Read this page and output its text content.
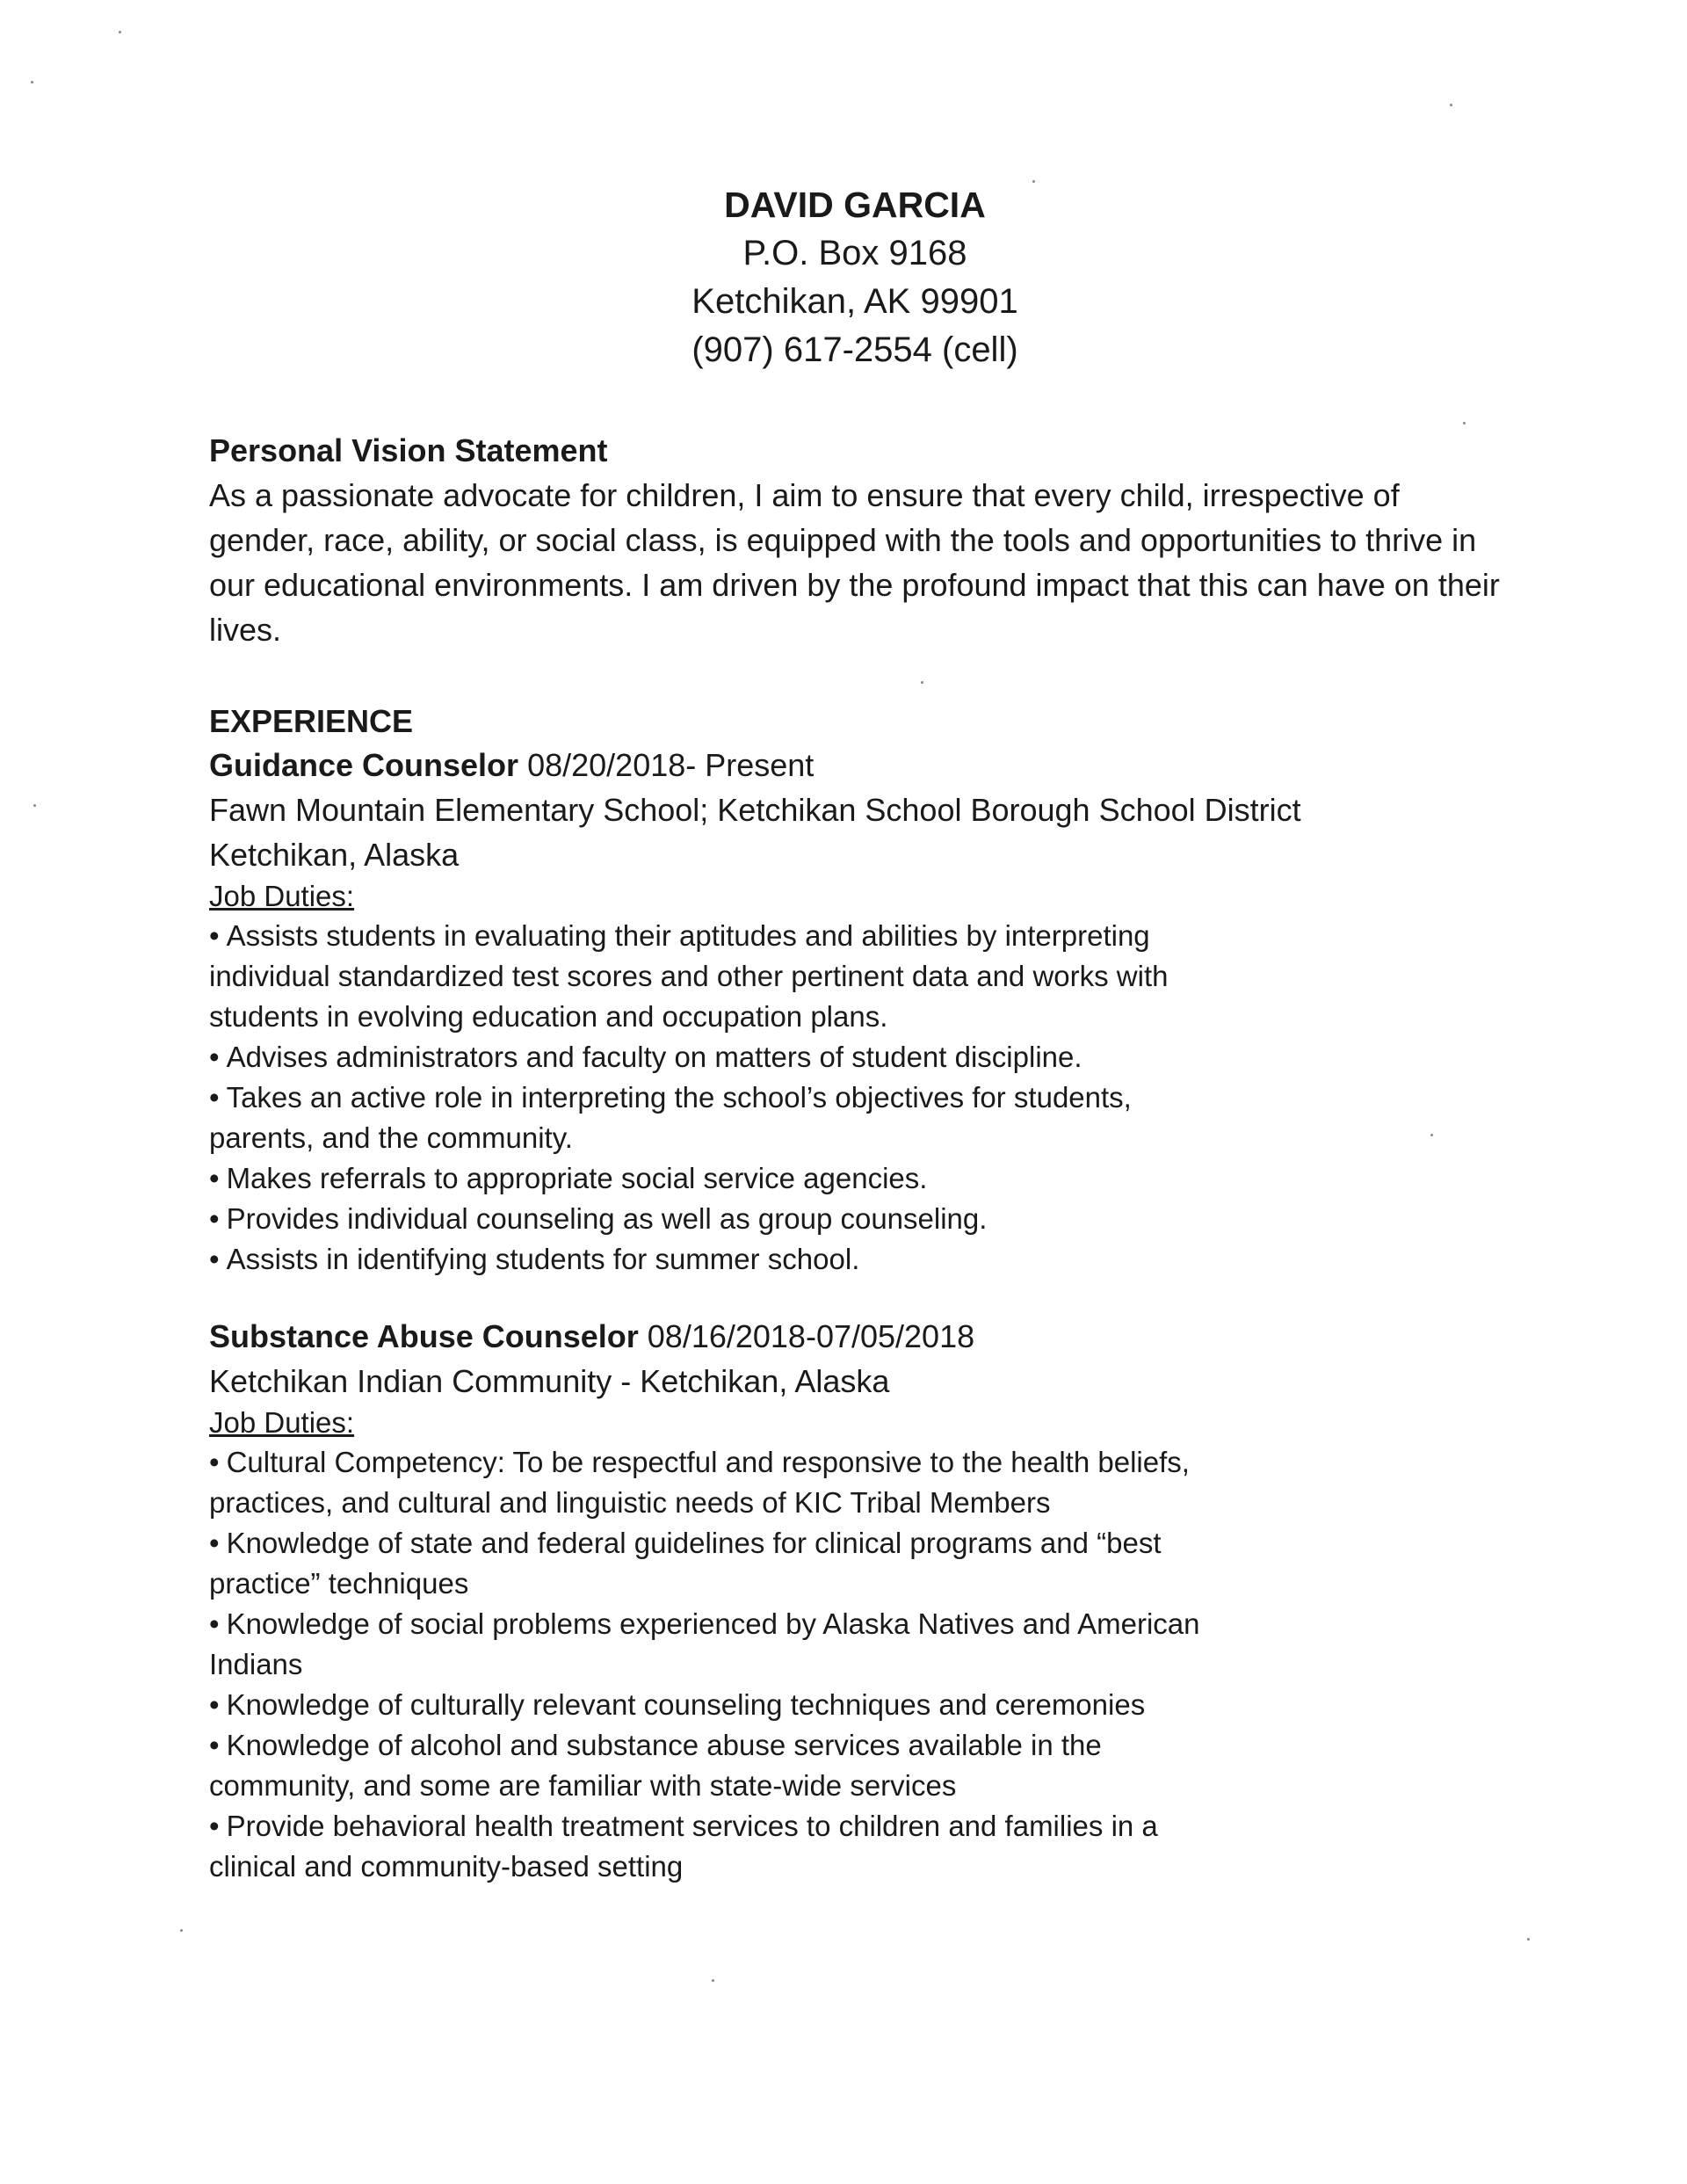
DAVID GARCIA

P.O. Box 9168

Ketchikan, AK 99901

(907) 617-2554 (cell)

Personal Vision Statement

As a passionate advocate for children, I aim to ensure that every child, irrespective of gender, race, ability, or social class, is equipped with the tools and opportunities to thrive in our educational environments. I am driven by the profound impact that this can have on their lives.

EXPERIENCE

Guidance Counselor 08/20/2018- Present

Fawn Mountain Elementary School; Ketchikan School Borough School District

Ketchikan, Alaska

Job Duties:

• Assists students in evaluating their aptitudes and abilities by interpreting individual standardized test scores and other pertinent data and works with students in evolving education and occupation plans.
• Advises administrators and faculty on matters of student discipline.
• Takes an active role in interpreting the school’s objectives for students, parents, and the community.
• Makes referrals to appropriate social service agencies.
• Provides individual counseling as well as group counseling.
• Assists in identifying students for summer school.

Substance Abuse Counselor 08/16/2018-07/05/2018

Ketchikan Indian Community - Ketchikan, Alaska

Job Duties:

• Cultural Competency: To be respectful and responsive to the health beliefs, practices, and cultural and linguistic needs of KIC Tribal Members
• Knowledge of state and federal guidelines for clinical programs and “best practice” techniques
• Knowledge of social problems experienced by Alaska Natives and American Indians
• Knowledge of culturally relevant counseling techniques and ceremonies
• Knowledge of alcohol and substance abuse services available in the community, and some are familiar with state-wide services
• Provide behavioral health treatment services to children and families in a clinical and community-based setting
